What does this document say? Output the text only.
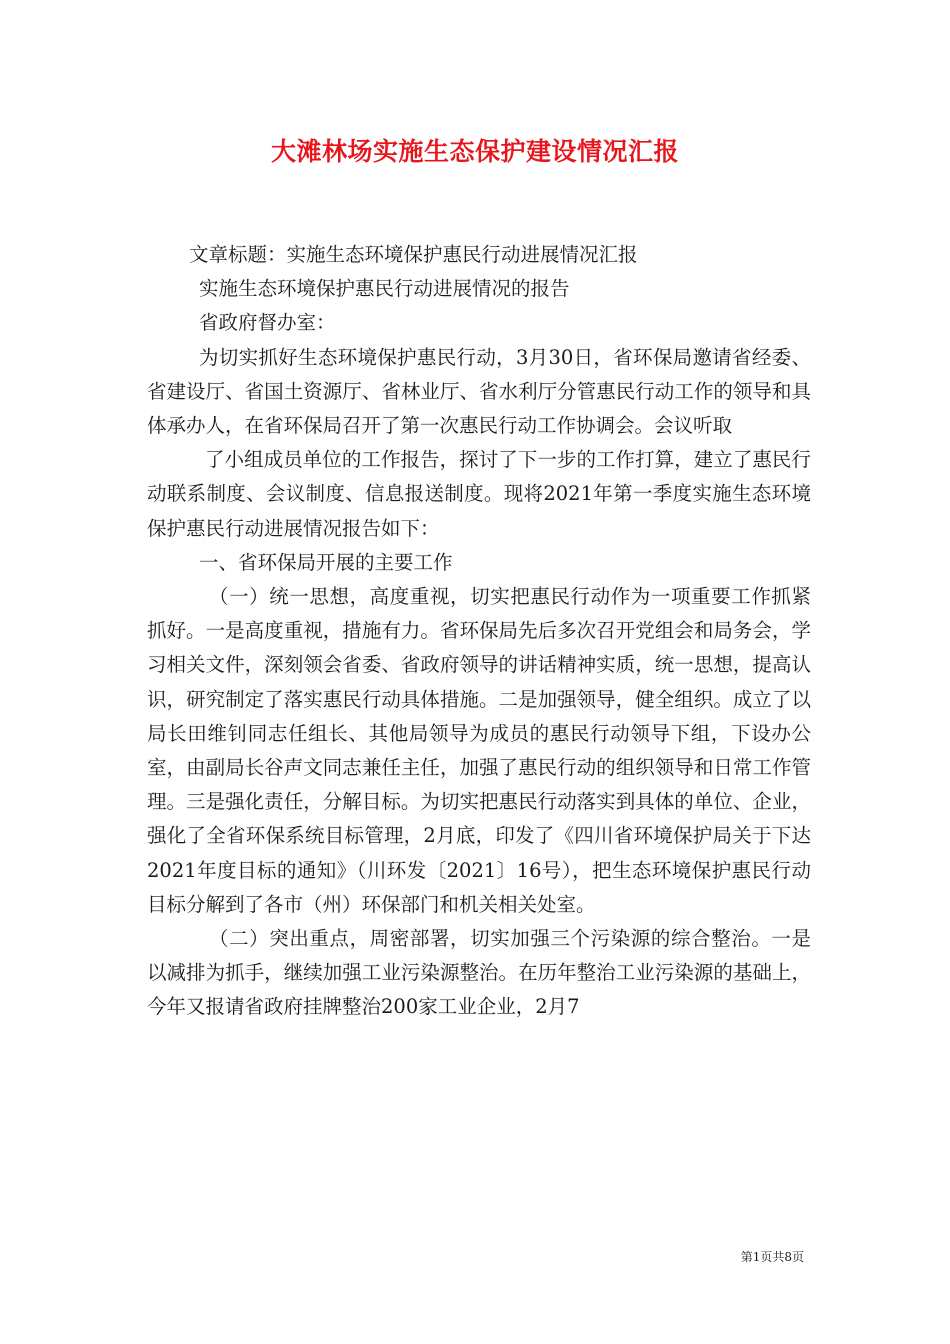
大滩林场实施生态保护建设情况汇报

文章标题：实施生态环境保护惠民行动进展情况汇报

实施生态环境保护惠民行动进展情况的报告

省政府督办室：

为切实抓好生态环境保护惠民行动，3月30日，省环保局邀请省经委、省建设厅、省国土资源厅、省林业厅、省水利厅分管惠民行动工作的领导和具体承办人，在省环保局召开了第一次惠民行动工作协调会。会议听取

了小组成员单位的工作报告，探讨了下一步的工作打算，建立了惠民行动联系制度、会议制度、信息报送制度。现将2021年第一季度实施生态环境保护惠民行动进展情况报告如下：

一、省环保局开展的主要工作

（一）统一思想，高度重视，切实把惠民行动作为一项重要工作抓紧抓好。一是高度重视，措施有力。省环保局先后多次召开党组会和局务会，学习相关文件，深刻领会省委、省政府领导的讲话精神实质，统一思想，提高认识，研究制定了落实惠民行动具体措施。二是加强领导，健全组织。成立了以局长田维钊同志任组长、其他局领导为成员的惠民行动领导下组，下设办公室，由副局长谷声文同志兼任主任，加强了惠民行动的组织领导和日常工作管理。三是强化责任，分解目标。为切实把惠民行动落实到具体的单位、企业，强化了全省环保系统目标管理，2月底，印发了《四川省环境保护局关于下达2021年度目标的通知》（川环发〔2021〕16号），把生态环境保护惠民行动目标分解到了各市（州）环保部门和机关相关处室。

（二）突出重点，周密部署，切实加强三个污染源的综合整治。一是以减排为抓手，继续加强工业污染源整治。在历年整治工业污染源的基础上，今年又报请省政府挂牌整治200家工业企业，2月7

第1页共8页
